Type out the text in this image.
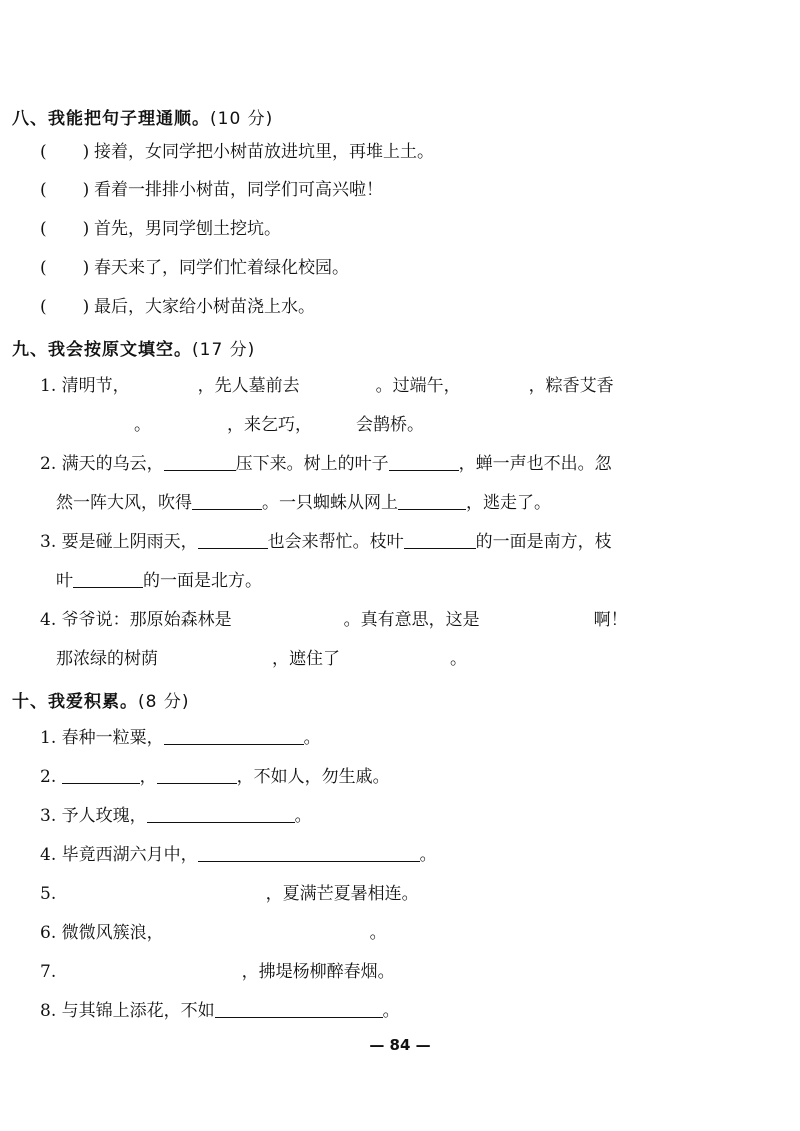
八、我能把句子理通顺。(10 分)
( ) 接着，女同学把小树苗放进坑里，再堆上土。
( ) 看着一排排小树苗，同学们可高兴啦！
( ) 首先，男同学刨土挖坑。
( ) 春天来了，同学们忙着绿化校园。
( ) 最后，大家给小树苗浇上水。
九、我会按原文填空。(17 分)
1. 清明节，	，先人墓前去	。过端午，	，粽香艾香
。	，来乞巧，	会鹊桥。
2. 满天的乌云，	压下来。树上的叶子	，蝉一声也不出。忽
然一阵大风，吹得	。一只蜘蛛从网上	，逃走了。
3. 要是碰上阴雨天，	也会来帮忙。枝叶	的一面是南方，枝
叶	的一面是北方。
4. 爷爷说：那原始森林是	。真有意思，这是	啊！
那浓绿的树荫	，遮住了	。
十、我爱积累。(8 分)
1. 春种一粒粟，	。
2.	，	，不如人，勿生戚。
3. 予人玫瑰，	。
4. 毕竟西湖六月中，	。
5.	，夏满芒夏暑相连。
6. 微微风簇浪，	。
7.	，拂堤杨柳醉春烟。
8. 与其锦上添花，不如	。
— 84 —
